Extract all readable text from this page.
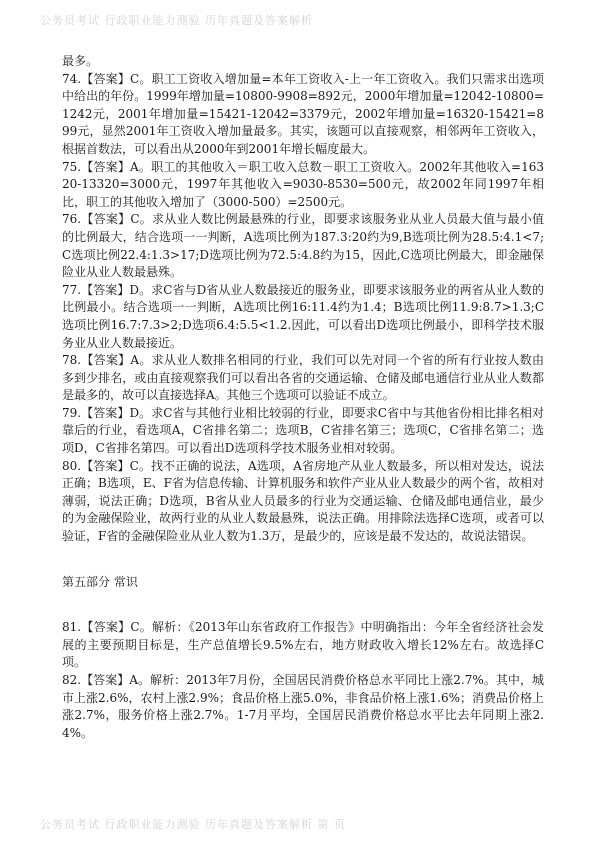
公务员考试 行政职业能力测验 历年真题及答案解析

最多。

74.【答案】C。职工工资收入增加量=本年工资收入-上一年工资收入。我们只需求出选项中给出的年份。1999年增加量=10800-9908=892元，2000年增加量=12042-10800=1242元，2001年增加量=15421-12042=3379元，2002年增加量=16320-15421=899元，显然2001年工资收入增加量最多。其实，该题可以直接观察，相邻两年工资收入，根据首数法，可以看出从2000年到2001年增长幅度最大。

75.【答案】A。职工的其他收入＝职工收入总数－职工工资收入。2002年其他收入=16320-13320=3000元，1997年其他收入=9030-8530=500元，故2002年同1997年相比，职工的其他收入增加了（3000-500）=2500元。

76.【答案】C。求从业人数比例最悬殊的行业，即要求该服务业从业人员最大值与最小值的比例最大，结合选项一一判断，A选项比例为187.3:20约为9,B选项比例为28.5:4.1<7;C选项比例22.4:1.3>17;D选项比例为72.5:4.8约为15，因此,C选项比例最大，即金融保险业从业人数最悬殊。

77.【答案】D。求C省与D省从业人数最接近的服务业，即要求该服务业的两省从业人数的比例最小。结合选项一一判断，A选项比例16:11.4约为1.4；B选项比例11.9:8.7>1.3;C选项比例16.7:7.3>2;D选项6.4:5.5<1.2.因此，可以看出D选项比例最小，即科学技术服务业从业人数最接近。

78.【答案】A。求从业人数排名相同的行业，我们可以先对同一个省的所有行业按人数由多到少排名，或由直接观察我们可以看出各省的交通运输、仓储及邮电通信行业从业人数都是最多的，故可以直接选择A。其他三个选项可以验证不成立。

79.【答案】D。求C省与其他行业相比较弱的行业，即要求C省中与其他省份相比排名相对靠后的行业，看选项A，C省排名第二；选项B，C省排名第三；选项C，C省排名第二；选项D，C省排名第四。可以看出D选项科学技术服务业相对较弱。

80.【答案】C。找不正确的说法，A选项，A省房地产从业人数最多，所以相对发达，说法正确；B选项，E、F省为信息传输、计算机服务和软件产业从业人数最少的两个省，故相对薄弱，说法正确；D选项，B省从业人员最多的行业为交通运输、仓储及邮电通信业，最少的为金融保险业，故两行业的从业人数最悬殊，说法正确。用排除法选择C选项，或者可以验证，F省的金融保险业从业人数为1.3万，是最少的，应该是最不发达的，故说法错误。

第五部分 常识

81.【答案】C。解析：《2013年山东省政府工作报告》中明确指出：今年全省经济社会发展的主要预期目标是，生产总值增长9.5%左右，地方财政收入增长12%左右。故选择C项。

82.【答案】A。解析：2013年7月份，全国居民消费价格总水平同比上涨2.7%。其中，城市上涨2.6%，农村上涨2.9%；食品价格上涨5.0%，非食品价格上涨1.6%；消费品价格上涨2.7%，服务价格上涨2.7%。1-7月平均，全国居民消费价格总水平比去年同期上涨2.4%。

公务员考试 行政职业能力测验 历年真题及答案解析 第 页
